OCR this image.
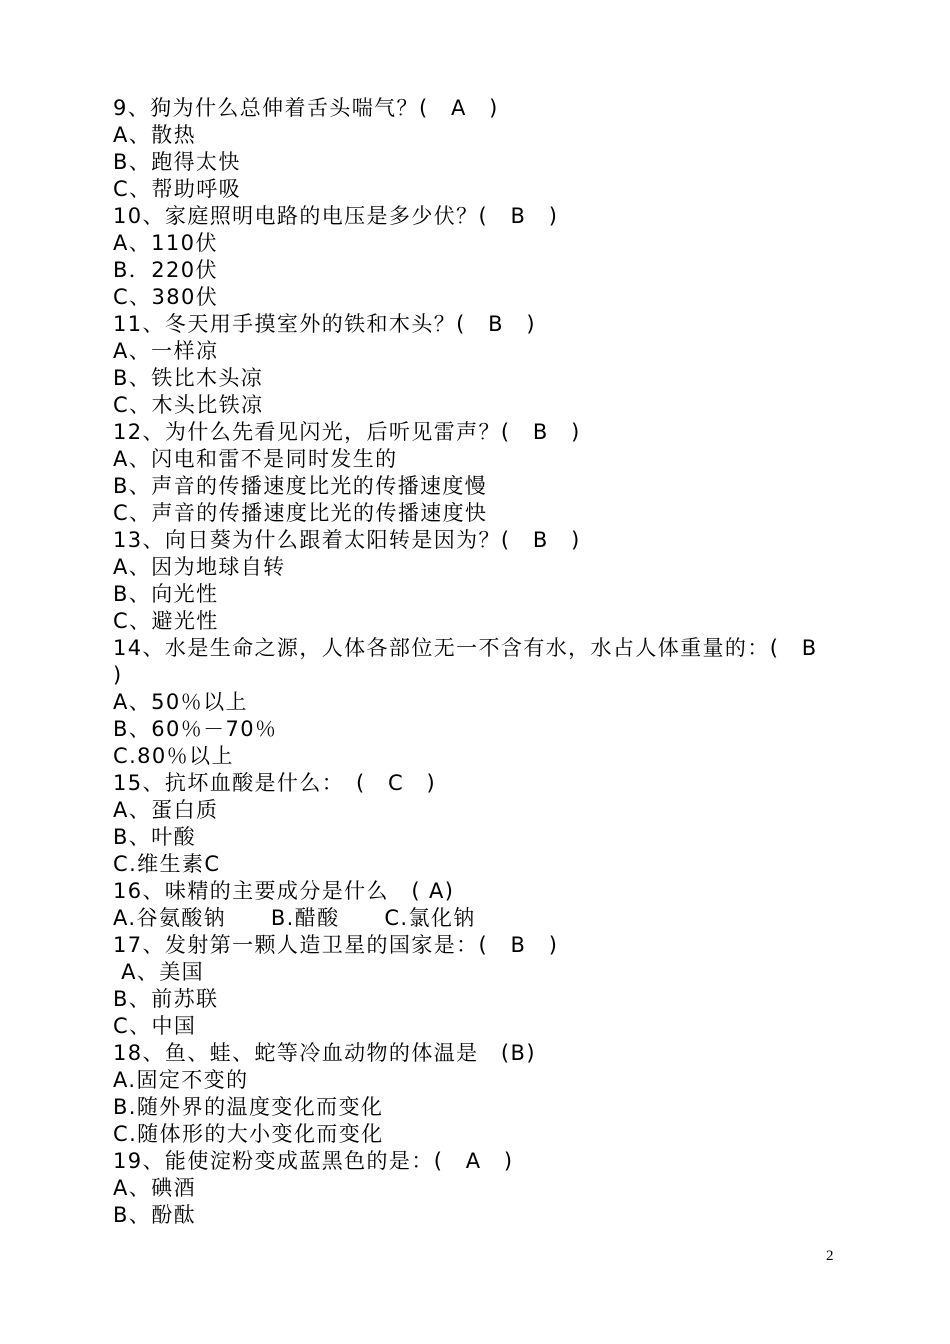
9、狗为什么总伸着舌头喘气？(　A　)
A、散热
B、跑得太快
C、帮助呼吸
10、家庭照明电路的电压是多少伏？(　B　)
A、110伏
B．220伏
C、380伏
11、冬天用手摸室外的铁和木头？(　B　)
A、一样凉
B、铁比木头凉
C、木头比铁凉
12、为什么先看见闪光，后听见雷声？(　B　)
A、闪电和雷不是同时发生的
B、声音的传播速度比光的传播速度慢
C、声音的传播速度比光的传播速度快
13、向日葵为什么跟着太阳转是因为？(　B　)
A、因为地球自转
B、向光性
C、避光性
14、水是生命之源，人体各部位无一不含有水，水占人体重量的：(　B
)
A、50％以上
B、60％－70％
C.80％以上
15、抗坏血酸是什么：　(　C　)
A、蛋白质
B、叶酸
C.维生素C
16、味精的主要成分是什么　( A)
A.谷氨酸钠　　B.醋酸　　C.氯化钠
17、发射第一颗人造卫星的国家是：(　B　)
A、美国
B、前苏联
C、中国
18、鱼、蛙、蛇等冷血动物的体温是　(B)
A.固定不变的
B.随外界的温度变化而变化
C.随体形的大小变化而变化
19、能使淀粉变成蓝黑色的是：(　A　)
A、碘酒
B、酚酞
2
